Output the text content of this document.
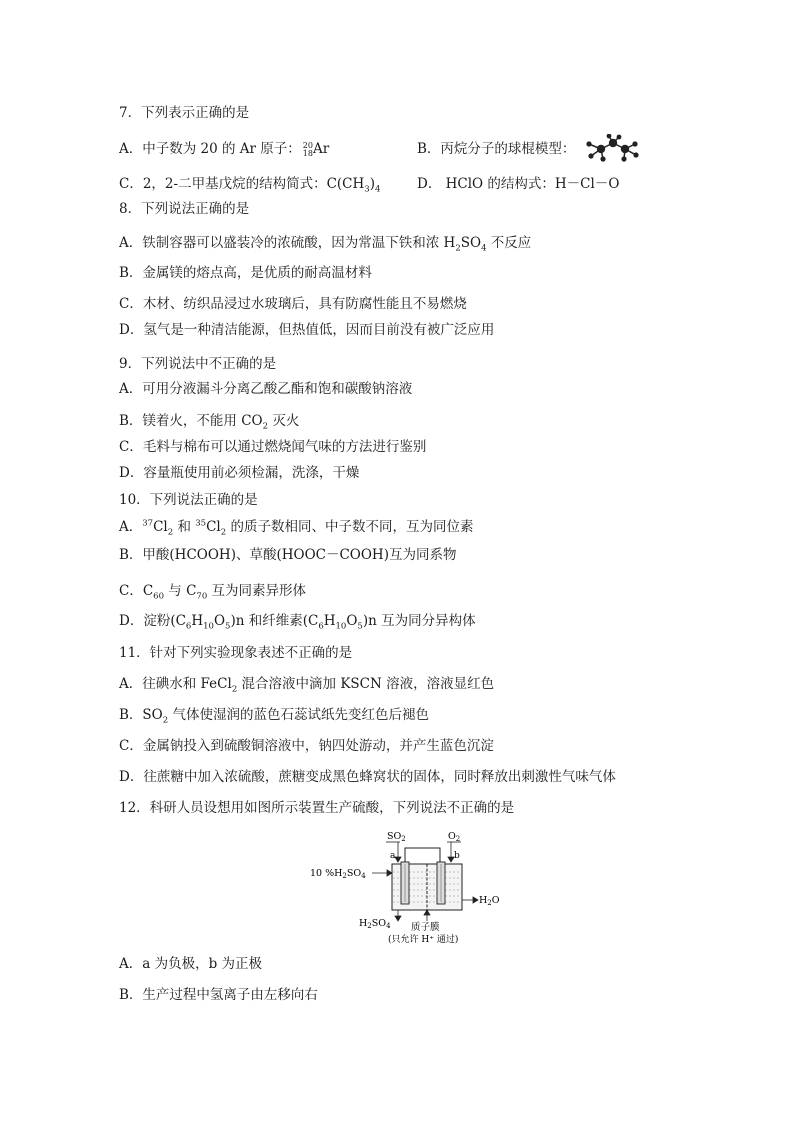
7．下列表示正确的是
A．中子数为 20 的 Ar 原子： 20
18 Ar	B．丙烷分子的球棍模型：
C．2，2-二甲基戊烷的结构简式：$C(CH_3)_4$	D． HClO 的结构式：H－Cl－O
8．下列说法正确的是
A．铁制容器可以盛装冷的浓硫酸，因为常温下铁和浓 $H_2SO_4$ 不反应
B．金属镁的熔点高，是优质的耐高温材料
C．木材、纺织品浸过水玻璃后，具有防腐性能且不易燃烧
D．氢气是一种清洁能源，但热值低，因而目前没有被广泛应用
9．下列说法中不正确的是
A．可用分液漏斗分离乙酸乙酯和饱和碳酸钠溶液
B．镁着火，不能用 $CO_2$ 灭火
C．毛料与棉布可以通过燃烧闻气味的方法进行鉴别
D．容量瓶使用前必须检漏，洗涤，干燥
10．下列说法正确的是
A．$^{37}Cl_2$ 和 $^{35}Cl_2$ 的质子数相同、中子数不同，互为同位素
B．甲酸(HCOOH)、草酸(HOOC－COOH)互为同系物
C．$C_{60}$ 与 $C_{70}$ 互为同素异形体
D．淀粉$(C_6H_{10}O_5)n$ 和纤维素$(C_6H_{10}O_5)n$ 互为同分异构体
11．针对下列实验现象表述不正确的是
A．往碘水和 FeCl$_2$ 混合溶液中滴加 KSCN 溶液，溶液显红色
B．$SO_2$ 气体使湿润的蓝色石蕊试纸先变红色后褪色
C．金属钠投入到硫酸铜溶液中，钠四处游动，并产生蓝色沉淀
D．往蔗糖中加入浓硫酸，蔗糖变成黑色蜂窝状的固体，同时释放出刺激性气味气体
12．科研人员设想用如图所示装置生产硫酸，下列说法不正确的是
$SO_2$	$O_2$
a	b
10 $\%H_2SO_4$
$H_2O$
$H_2SO_4$ 质子膜
(只允许 H⁺ 通过)
A．a 为负极，b 为正极
B．生产过程中氢离子由左移向右
